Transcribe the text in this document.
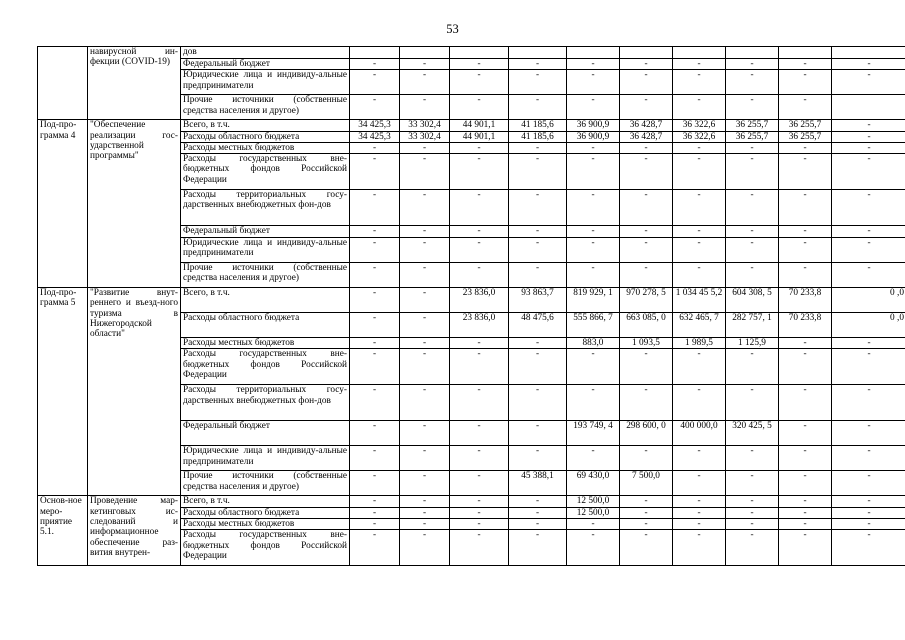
53
	навирусной ин-фекции (COVID-19)	дов										
		Федеральный бюджет	-	-	-	-	-	-	-	-	-	-
		Юридические лица и индивиду-альные предприниматели	-	-	-	-	-	-	-	-	-	-
		Прочие источники (собственные средства населения и другое)	-	-	-	-	-	-	-	-	-	
Под-про-грамма 4	"Обеспечение реализации гос-ударственной программы"	Всего, в т.ч.	34 425,3	33 302,4	44 901,1	41 185,6	36 900,9	36 428,7	36 322,6	36 255,7	36 255,7	-
		Расходы областного бюджета	34 425,3	33 302,4	44 901,1	41 185,6	36 900,9	36 428,7	36 322,6	36 255,7	36 255,7	-
		Расходы местных бюджетов	-	-	-	-	-	-	-	-	-	-
		Расходы государственных вне-бюджетных фондов Российской Федерации	-	-	-	-	-	-	-	-	-	-
		Расходы территориальных госу-дарственных внебюджетных фон-дов	-	-	-	-	-	-	-	-	-	-
		Федеральный бюджет	-	-	-	-	-	-	-	-	-	-
		Юридические лица и индивиду-альные предприниматели	-	-	-	-	-	-	-	-	-	-
		Прочие источники (собственные средства населения и другое)	-	-	-	-	-	-	-	-	-	-
Под-про-грамма 5	"Развитие внут-реннего и въезд-ного туризма в Нижегородской области"	Всего, в т.ч.	-	-	23 836,0	93 863,7	819 929, 1	970 278, 5	1 034 45 5,2	604 308, 5	70 233,8	0 ,0
		Расходы областного бюджета	-	-	23 836,0	48 475,6	555 866, 7	663 085, 0	632 465, 7	282 757, 1	70 233,8	0 ,0
		Расходы местных бюджетов	-	-	-	-	883,0	1 093,5	1 989,5	1 125,9	-	-
		Расходы государственных вне-бюджетных фондов Российской Федерации	-	-	-	-	-	-	-	-	-	-
		Расходы территориальных госу-дарственных внебюджетных фон-дов	-	-	-	-	-	-	-	-	-	-
		Федеральный бюджет	-	-	-	-	193 749, 4	298 600, 0	400 000,0	320 425, 5	-	-
		Юридические лица и индивиду-альные предприниматели	-	-	-	-	-	-	-	-	-	-
		Прочие источники (собственные средства населения и другое)	-	-	-	45 388,1	69 430,0	7 500,0	-	-	-	-
Основ-ное меро-приятие 5.1.	Проведение мар-кетинговых ис-следований и информационное обеспечение раз-вития внутрен-	Всего, в т.ч.	-	-	-	-	12 500,0	-	-	-	-	-
		Расходы областного бюджета	-	-	-	-	12 500,0	-	-	-	-	-
		Расходы местных бюджетов	-	-	-	-	-	-	-	-	-	-
		Расходы государственных вне-бюджетных фондов Российской Федерации	-	-	-	-	-	-	-	-	-	-
